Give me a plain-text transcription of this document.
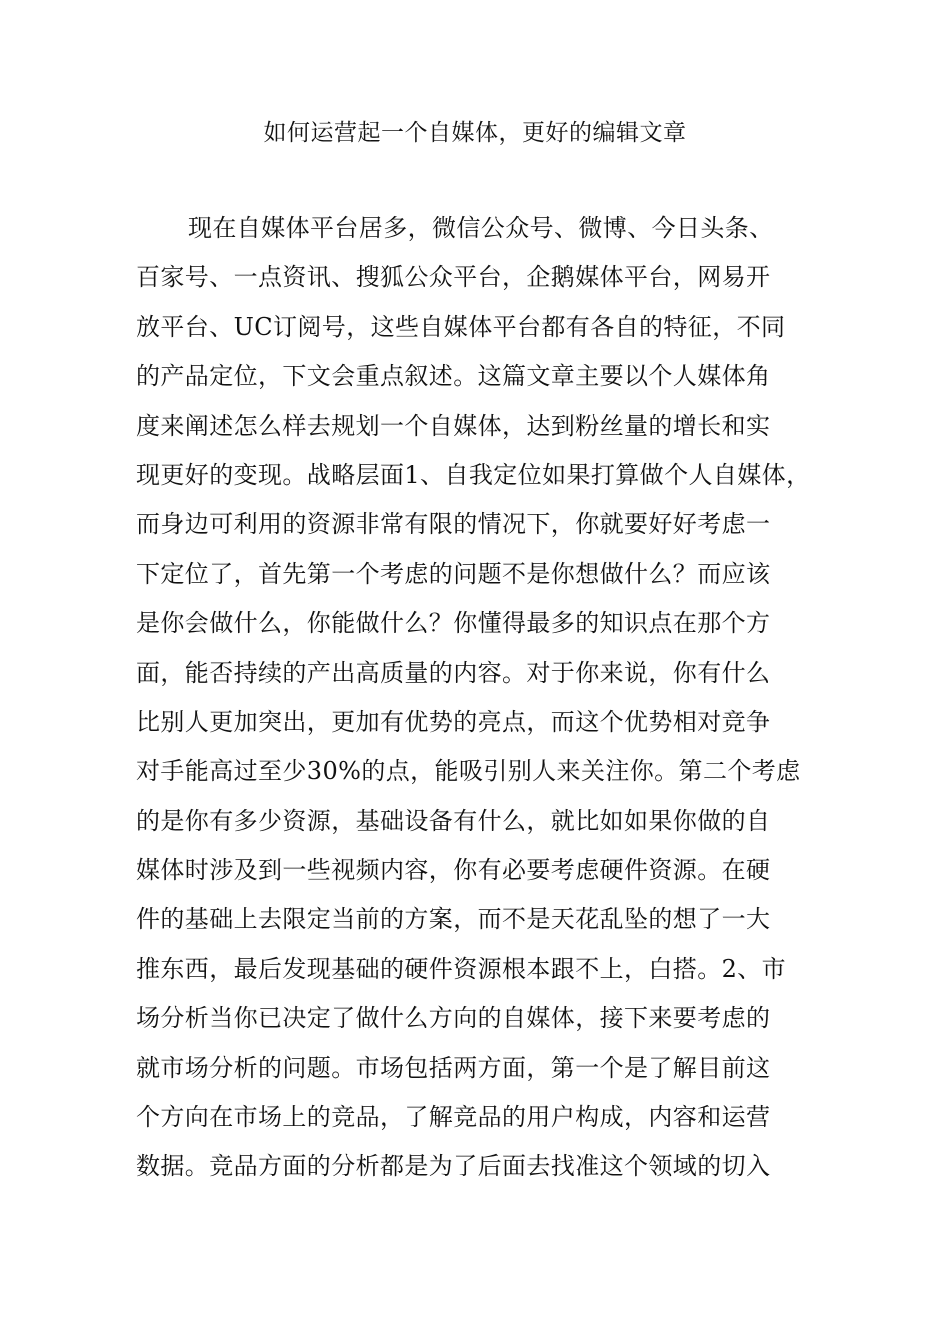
如何运营起一个自媒体，更好的编辑文章
现在自媒体平台居多，微信公众号、微博、今日头条、
百家号、一点资讯、搜狐公众平台，企鹅媒体平台，网易开
放平台、UC订阅号，这些自媒体平台都有各自的特征，不同
的产品定位，下文会重点叙述。这篇文章主要以个人媒体角
度来阐述怎么样去规划一个自媒体，达到粉丝量的增长和实
现更好的变现。战略层面1、自我定位如果打算做个人自媒体，
而身边可利用的资源非常有限的情况下，你就要好好考虑一
下定位了，首先第一个考虑的问题不是你想做什么？而应该
是你会做什么，你能做什么？你懂得最多的知识点在那个方
面，能否持续的产出高质量的内容。对于你来说，你有什么
比别人更加突出，更加有优势的亮点，而这个优势相对竞争
对手能高过至少30%的点，能吸引别人来关注你。第二个考虑
的是你有多少资源，基础设备有什么，就比如如果你做的自
媒体时涉及到一些视频内容，你有必要考虑硬件资源。在硬
件的基础上去限定当前的方案，而不是天花乱坠的想了一大
推东西，最后发现基础的硬件资源根本跟不上，白搭。2、市
场分析当你已决定了做什么方向的自媒体，接下来要考虑的
就市场分析的问题。市场包括两方面，第一个是了解目前这
个方向在市场上的竞品，了解竞品的用户构成，内容和运营
数据。竞品方面的分析都是为了后面去找准这个领域的切入
